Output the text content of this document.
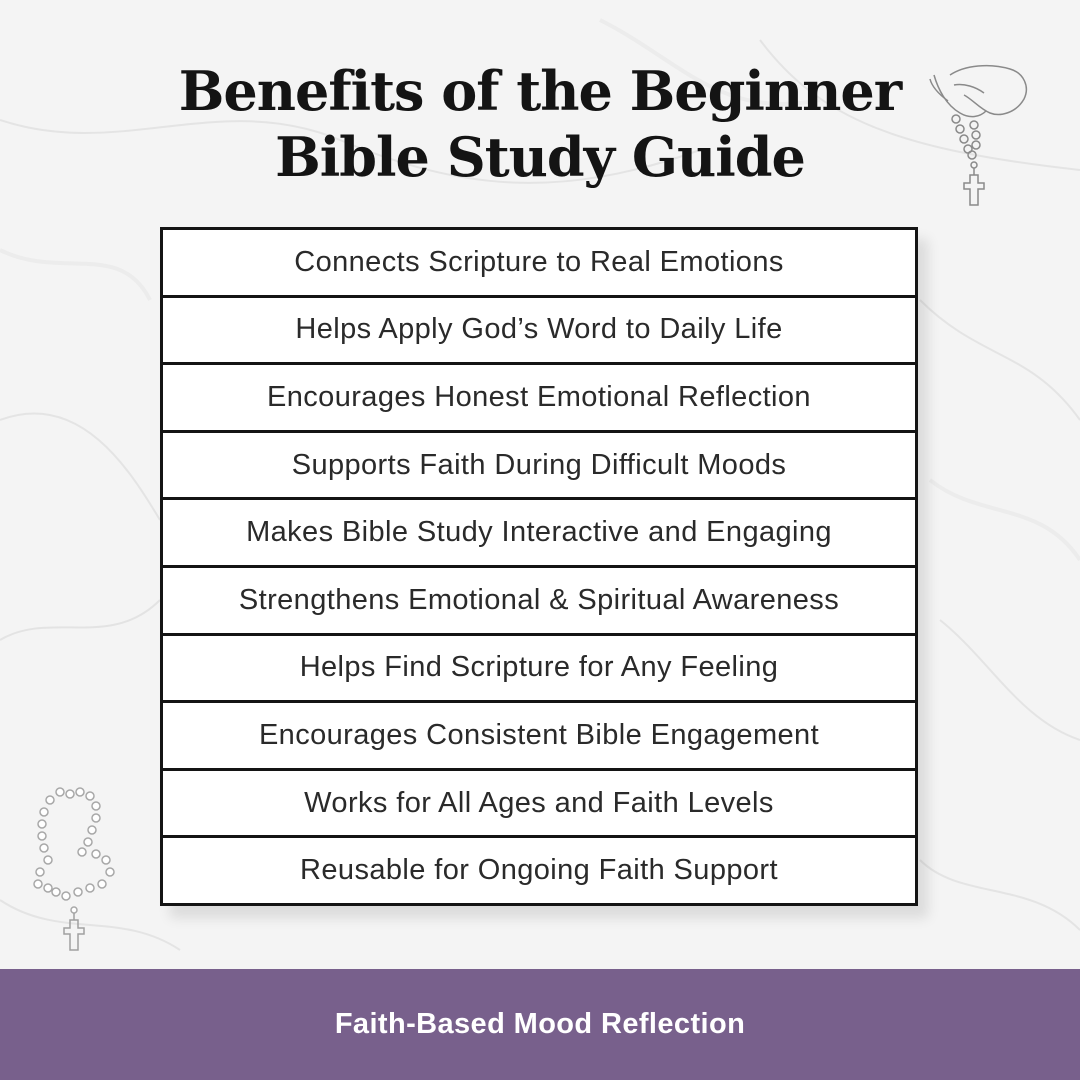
Benefits of the Beginner
Bible Study Guide
Connects Scripture to Real Emotions
Helps Apply God’s Word to Daily Life
Encourages Honest Emotional Reflection
Supports Faith During Difficult Moods
Makes Bible Study Interactive and Engaging
Strengthens Emotional & Spiritual Awareness
Helps Find Scripture for Any Feeling
Encourages Consistent Bible Engagement
Works for All Ages and Faith Levels
Reusable for Ongoing Faith Support
Faith-Based Mood Reflection
